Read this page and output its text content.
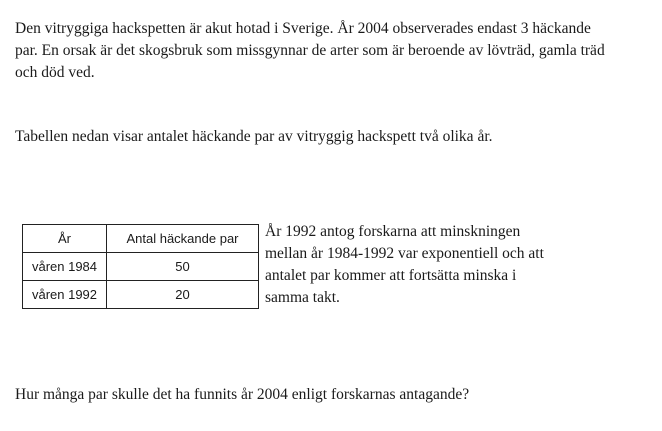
Den vitryggiga hackspetten är akut hotad i Sverige. År 2004 observerades endast 3 häckande par. En orsak är det skogsbruk som missgynnar de arter som är beroende av lövträd, gamla träd och död ved.

Tabellen nedan visar antalet häckande par av vitryggig hackspett två olika år.

År	Antal häckande par
våren 1984	50
våren 1992	20

År 1992 antog forskarna att minskningen mellan år 1984-1992 var exponentiell och att antalet par kommer att fortsätta minska i samma takt.

Hur många par skulle det ha funnits år 2004 enligt forskarnas antagande?
